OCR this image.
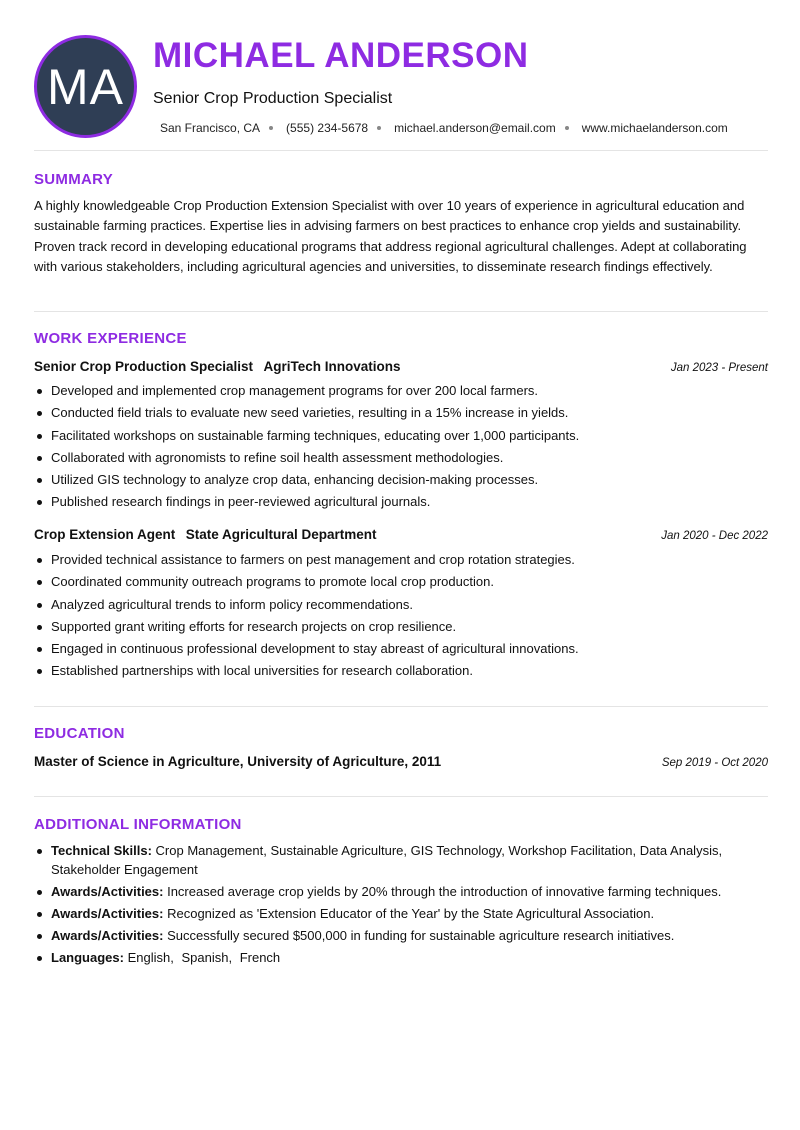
MA
MICHAEL ANDERSON
Senior Crop Production Specialist
San Francisco, CA (555) 234-5678 michael.anderson@email.com www.michaelanderson.com
SUMMARY
A highly knowledgeable Crop Production Extension Specialist with over 10 years of experience in agricultural education and sustainable farming practices. Expertise lies in advising farmers on best practices to enhance crop yields and sustainability. Proven track record in developing educational programs that address regional agricultural challenges. Adept at collaborating with various stakeholders, including agricultural agencies and universities, to disseminate research findings effectively.
WORK EXPERIENCE
Senior Crop Production Specialist AgriTech Innovations	Jan 2023 - Present
Developed and implemented crop management programs for over 200 local farmers.
Conducted field trials to evaluate new seed varieties, resulting in a 15% increase in yields.
Facilitated workshops on sustainable farming techniques, educating over 1,000 participants.
Collaborated with agronomists to refine soil health assessment methodologies.
Utilized GIS technology to analyze crop data, enhancing decision-making processes.
Published research findings in peer-reviewed agricultural journals.
Crop Extension Agent State Agricultural Department	Jan 2020 - Dec 2022
Provided technical assistance to farmers on pest management and crop rotation strategies.
Coordinated community outreach programs to promote local crop production.
Analyzed agricultural trends to inform policy recommendations.
Supported grant writing efforts for research projects on crop resilience.
Engaged in continuous professional development to stay abreast of agricultural innovations.
Established partnerships with local universities for research collaboration.
EDUCATION
Master of Science in Agriculture, University of Agriculture, 2011	Sep 2019 - Oct 2020
ADDITIONAL INFORMATION
Technical Skills: Crop Management, Sustainable Agriculture, GIS Technology, Workshop Facilitation, Data Analysis, Stakeholder Engagement
Awards/Activities: Increased average crop yields by 20% through the introduction of innovative farming techniques.
Awards/Activities: Recognized as 'Extension Educator of the Year' by the State Agricultural Association.
Awards/Activities: Successfully secured $500,000 in funding for sustainable agriculture research initiatives.
Languages: English, Spanish, French
